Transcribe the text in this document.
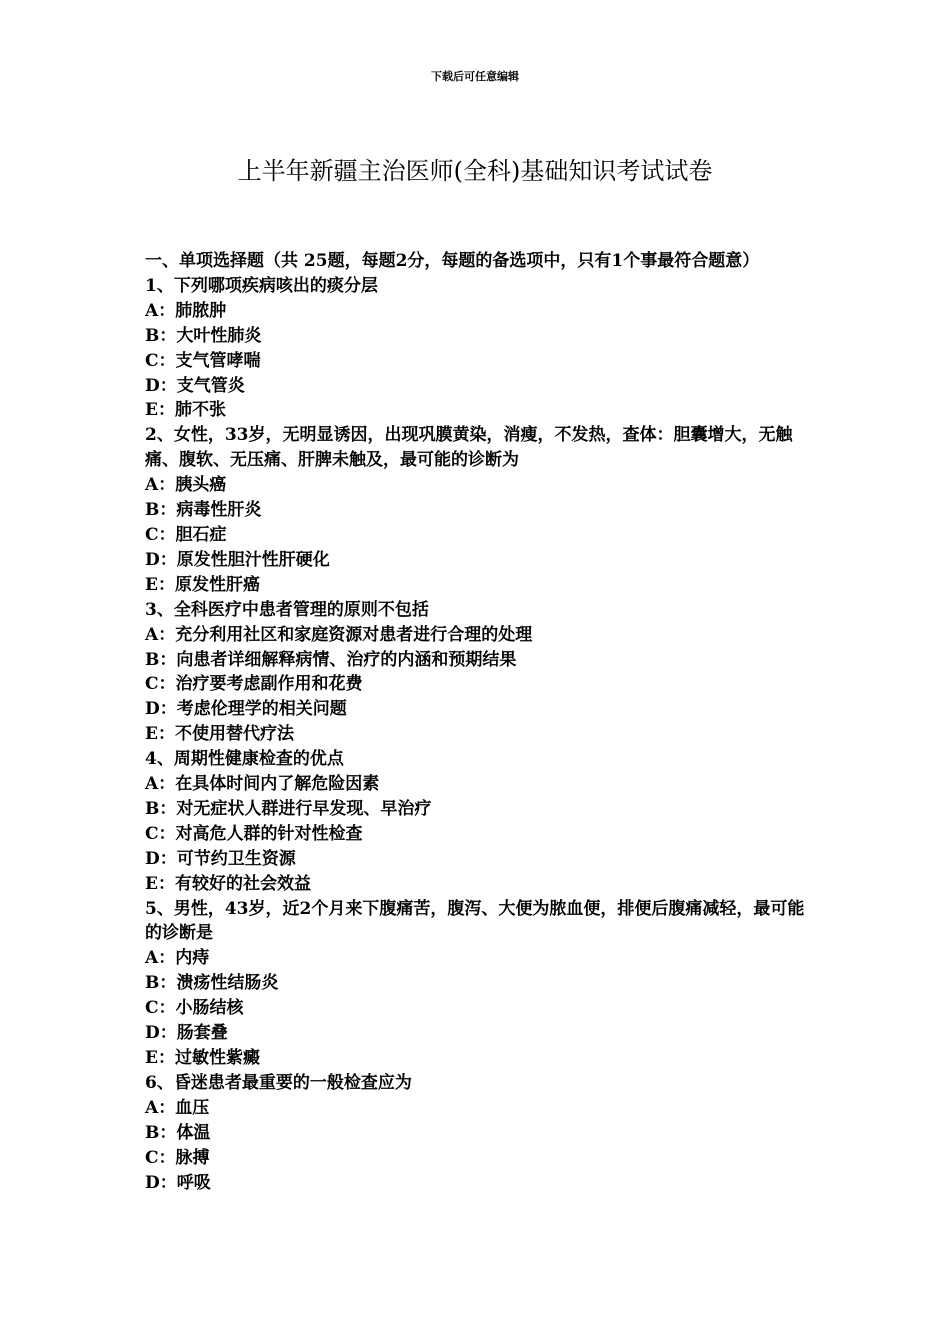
下载后可任意编辑
上半年新疆主治医师(全科)基础知识考试试卷
一、单项选择题（共 25题，每题2分，每题的备选项中，只有1个事最符合题意）
1、下列哪项疾病咳出的痰分层
A：肺脓肿
B：大叶性肺炎
C：支气管哮喘
D：支气管炎
E：肺不张
2、女性，33岁，无明显诱因，出现巩膜黄染，消瘦，不发热，查体：胆囊增大，无触痛、腹软、无压痛、肝脾未触及，最可能的诊断为
A：胰头癌
B：病毒性肝炎
C：胆石症
D：原发性胆汁性肝硬化
E：原发性肝癌
3、全科医疗中患者管理的原则不包括
A：充分利用社区和家庭资源对患者进行合理的处理
B：向患者详细解释病情、治疗的内涵和预期结果
C：治疗要考虑副作用和花费
D：考虑伦理学的相关问题
E：不使用替代疗法
4、周期性健康检查的优点
A：在具体时间内了解危险因素
B：对无症状人群进行早发现、早治疗
C：对高危人群的针对性检查
D：可节约卫生资源
E：有较好的社会效益
5、男性，43岁，近2个月来下腹痛苦，腹泻、大便为脓血便，排便后腹痛减轻，最可能的诊断是
A：内痔
B：溃疡性结肠炎
C：小肠结核
D：肠套叠
E：过敏性紫癜
6、昏迷患者最重要的一般检查应为
A：血压
B：体温
C：脉搏
D：呼吸
